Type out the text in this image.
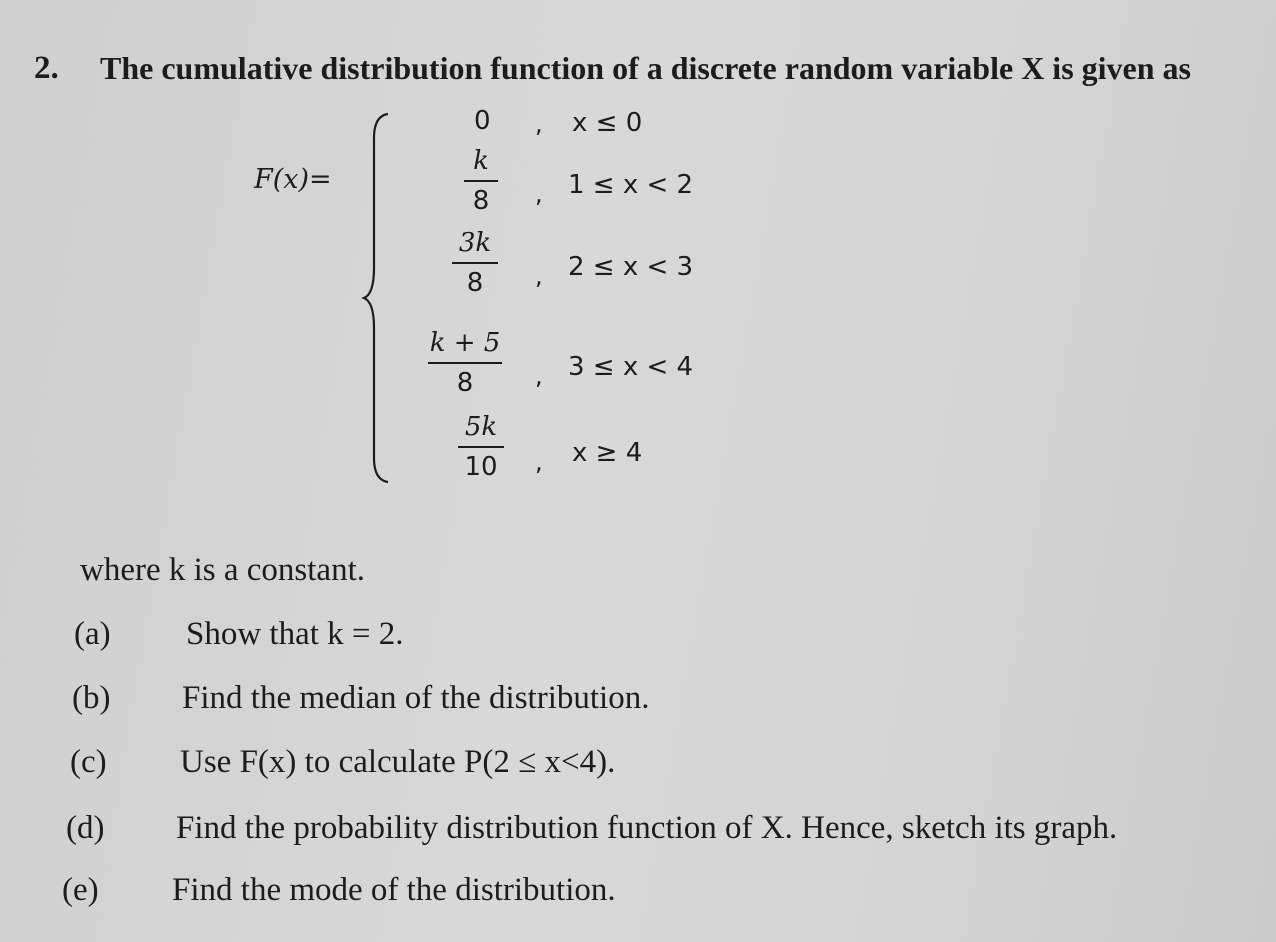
2. The cumulative distribution function of a discrete random variable X is given as
F(x)=
0 , x ≤ 0
k
8 , 1 ≤ x < 2
3k
8 , 2 ≤ x < 3
k + 5
8	, 3 ≤ x < 4
5k
10 , x ≥ 4
where k is a constant.
(a) Show that k = 2.
(b) Find the median of the distribution.
(c) Use F(x) to calculate P(2 ≤ x<4).
(d) Find the probability distribution function of X. Hence, sketch its graph.
(e) Find the mode of the distribution.
